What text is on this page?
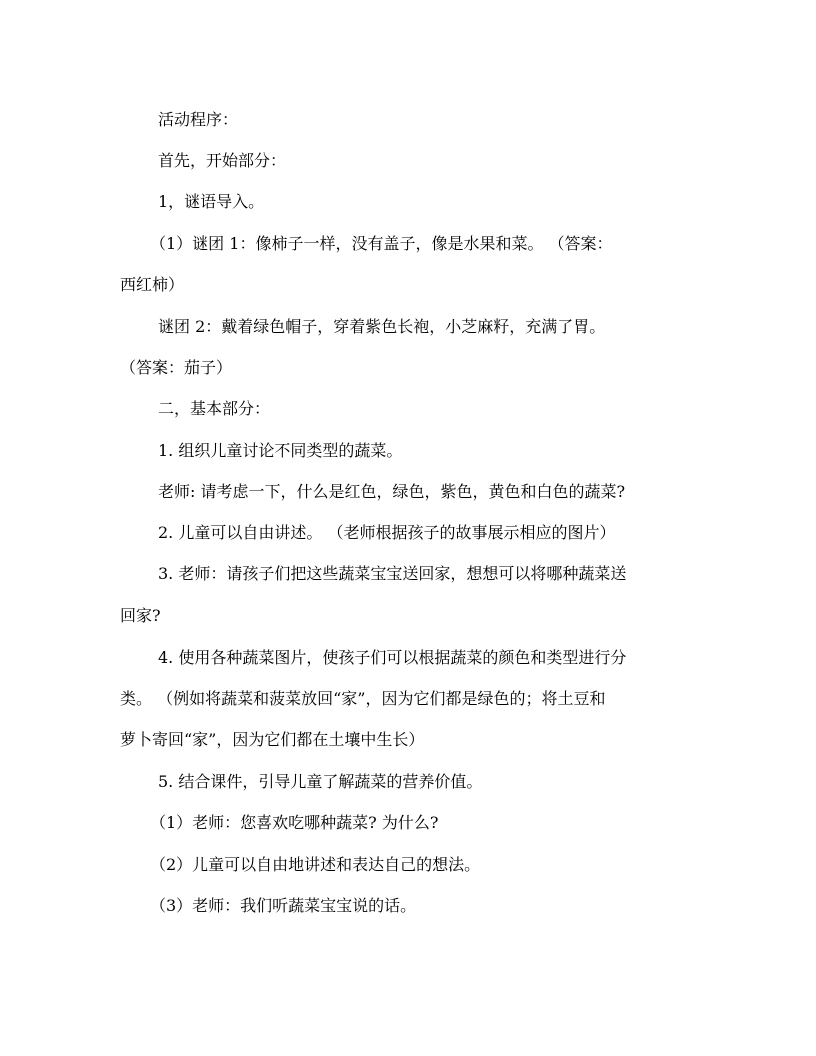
活动程序：
首先，开始部分：
1，谜语导入。
（1）谜团 1：像柿子一样，没有盖子，像是水果和菜。 （答案：
西红柿）
谜团 2：戴着绿色帽子，穿着紫色长袍，小芝麻籽，充满了胃。
（答案：茄子）
二，基本部分：
1. 组织儿童讨论不同类型的蔬菜。
老师: 请考虑一下，什么是红色，绿色，紫色，黄色和白色的蔬菜?
2. 儿童可以自由讲述。 （老师根据孩子的故事展示相应的图片）
3. 老师：请孩子们把这些蔬菜宝宝送回家，想想可以将哪种蔬菜送
回家?
4. 使用各种蔬菜图片，使孩子们可以根据蔬菜的颜色和类型进行分
类。 （例如将蔬菜和菠菜放回“家”，因为它们都是绿色的；将土豆和
萝卜寄回“家”，因为它们都在土壤中生长）
5. 结合课件，引导儿童了解蔬菜的营养价值。
（1）老师：您喜欢吃哪种蔬菜? 为什么?
（2）儿童可以自由地讲述和表达自己的想法。
（3）老师：我们听蔬菜宝宝说的话。
